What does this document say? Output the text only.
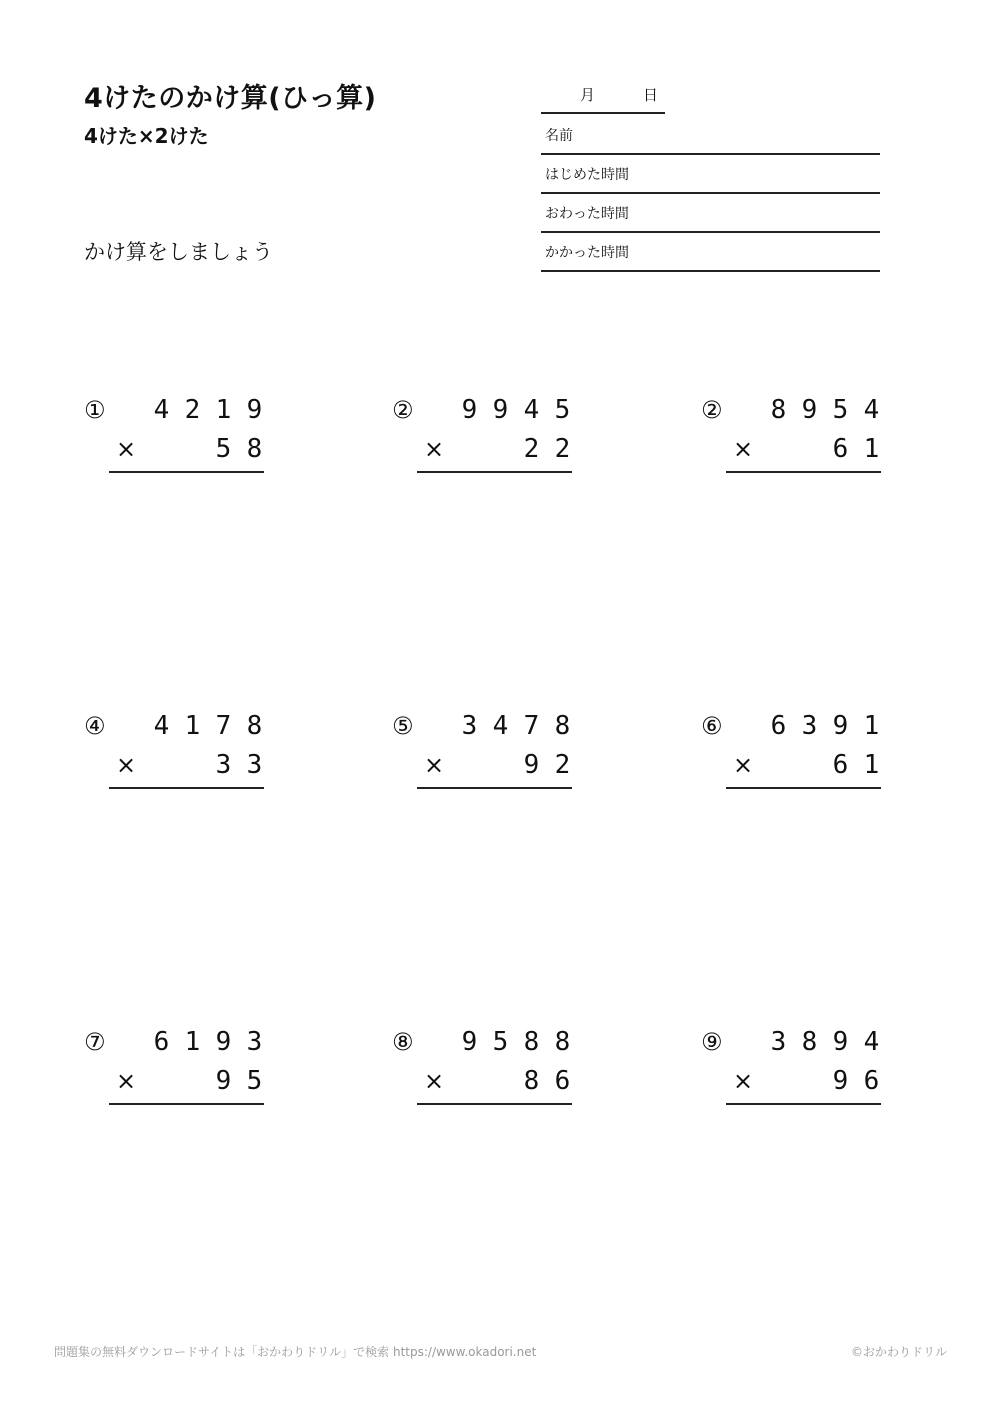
4けたのかけ算(ひっ算)
4けた×2けた
かけ算をしましょう
月	日
名前
はじめた時間
おわった時間
かかった時間
① 4 2 1 9
×	5 8
② 9 9 4 5
×	2 2
② 8 9 5 4
×	6 1
④ 4 1 7 8
×	3 3
⑤ 3 4 7 8
×	9 2
⑥ 6 3 9 1
×	6 1
⑦ 6 1 9 3
×	9 5
⑧ 9 5 8 8
×	8 6
⑨ 3 8 9 4
×	9 6
問題集の無料ダウンロードサイトは「おかわりドリル」で検索 https://www.okadori.net	©おかわりドリル
